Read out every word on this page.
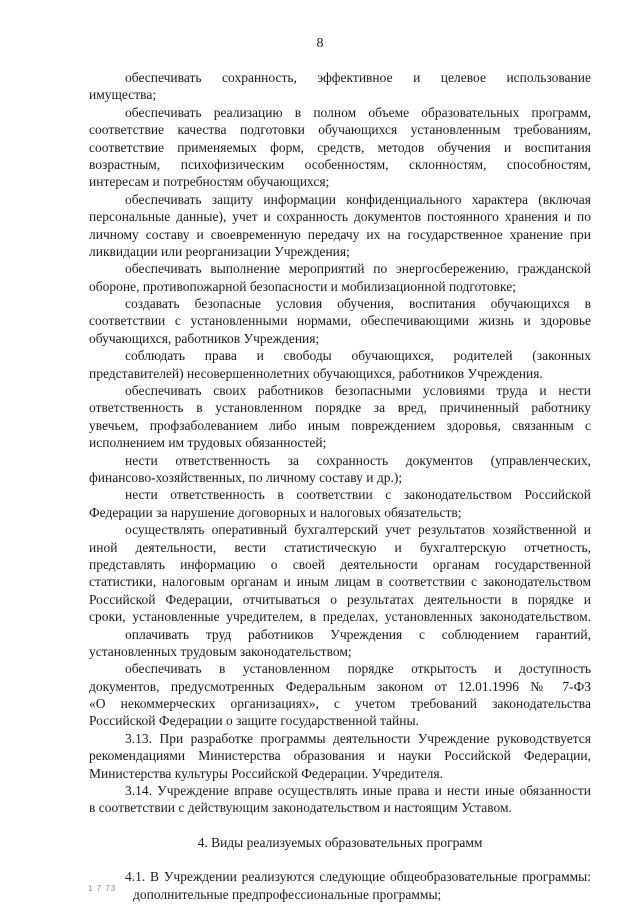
8
обеспечивать сохранность, эффективное и целевое использование
имущества;
обеспечивать реализацию в полном объеме образовательных программ,
соответствие качества подготовки обучающихся установленным требованиям,
соответствие применяемых форм, средств, методов обучения и воспитания
возрастным, психофизическим особенностям, склонностям, способностям,
интересам и потребностям обучающихся;
обеспечивать защиту информации конфиденциального характера (включая
персональные данные), учет и сохранность документов постоянного хранения и по
личному составу и своевременную передачу их на государственное хранение при
ликвидации или реорганизации Учреждения;
обеспечивать выполнение мероприятий по энергосбережению, гражданской
обороне, противопожарной безопасности и мобилизационной подготовке;
создавать безопасные условия обучения, воспитания обучающихся в
соответствии с установленными нормами, обеспечивающими жизнь и здоровье
обучающихся, работников Учреждения;
соблюдать права и свободы обучающихся, родителей (законных
представителей) несовершеннолетних обучающихся, работников Учреждения.
обеспечивать своих работников безопасными условиями труда и нести
ответственность в установленном порядке за вред, причиненный работнику
увечьем, профзаболеванием либо иным повреждением здоровья, связанным с
исполнением им трудовых обязанностей;
нести ответственность за сохранность документов (управленческих,
финансово-хозяйственных, по личному составу и др.);
нести ответственность в соответствии с законодательством Российской
Федерации за нарушение договорных и налоговых обязательств;
осуществлять оперативный бухгалтерский учет результатов хозяйственной и
иной деятельности, вести статистическую и бухгалтерскую отчетность,
представлять информацию о своей деятельности органам государственной
статистики, налоговым органам и иным лицам в соответствии с законодательством
Российской Федерации, отчитываться о результатах деятельности в порядке и
сроки, установленные учредителем, в пределах, установленных законодательством.
оплачивать труд работников Учреждения с соблюдением гарантий,
установленных трудовым законодательством;
обеспечивать в установленном порядке открытость и доступность
документов, предусмотренных Федеральным законом от 12.01.1996 № 7-ФЗ
«О некоммерческих организациях», с учетом требований законодательства
Российской Федерации о защите государственной тайны.
3.13. При разработке программы деятельности Учреждение руководствуется
рекомендациями Министерства образования и науки Российской Федерации,
Министерства культуры Российской Федерации. Учредителя.
3.14. Учреждение вправе осуществлять иные права и нести иные обязанности
в соответствии с действующим законодательством и настоящим Уставом.
4. Виды реализуемых образовательных программ
4.1. В Учреждении реализуются следующие общеобразовательные программы:
дополнительные предпрофессиональные программы;
1 7 73
